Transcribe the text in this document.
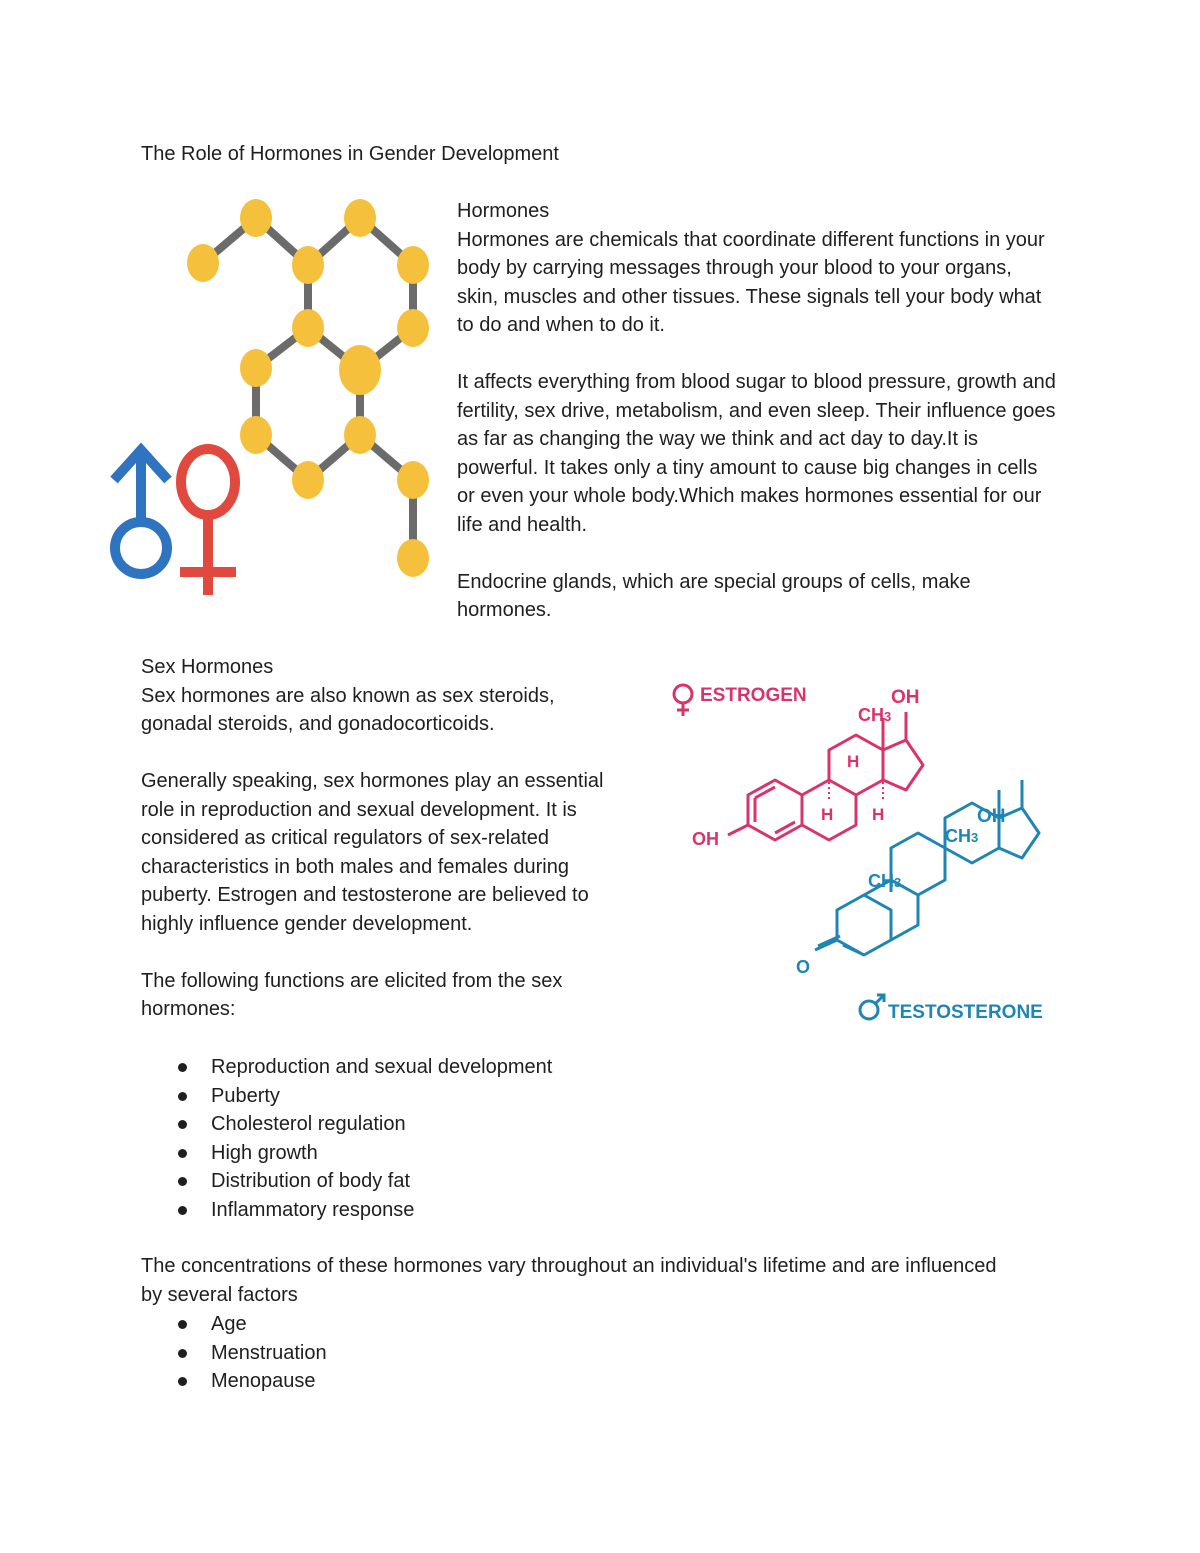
The Role of Hormones in Gender Development

Hormones

Hormones are chemicals that coordinate different functions in your body by carrying messages through your blood to your organs, skin, muscles and other tissues. These signals tell your body what to do and when to do it.

It affects everything from blood sugar to blood pressure, growth and fertility, sex drive, metabolism, and even sleep. Their influence goes as far as changing the way we think and act day to day.It is powerful. It takes only a tiny amount to cause big changes in cells or even your whole body.Which makes hormones essential for our life and health.

Endocrine glands, which are special groups of cells, make hormones.

Sex Hormones

Sex hormones are also known as sex steroids, gonadal steroids, and gonadocorticoids.

Generally speaking, sex hormones play an essential role in reproduction and sexual development. It is considered as critical regulators of sex-related characteristics in both males and females during puberty. Estrogen and testosterone are believed to highly influence gender development.

The following functions are elicited from the sex hormones:

Reproduction and sexual development
Puberty
Cholesterol regulation
High growth
Distribution of body fat
Inflammatory response
The concentrations of these hormones vary throughout an individual's lifetime and are influenced by several factors
Age
Menstruation
Menopause
ESTROGEN	OH
CH3
H
H H
OH
OH
CH3
CH3
O
TESTOSTERONE
